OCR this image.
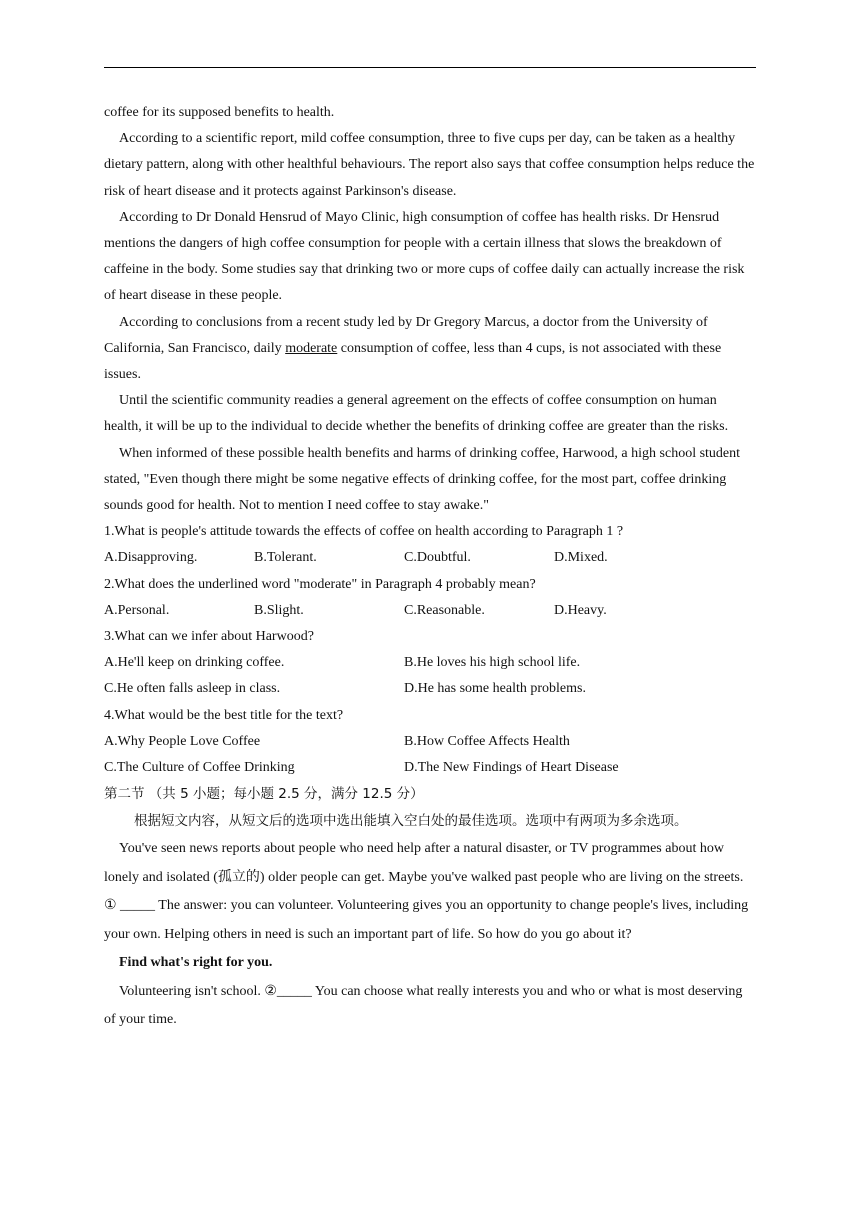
coffee for its supposed benefits to health.

According to a scientific report, mild coffee consumption, three to five cups per day, can be taken as a healthy dietary pattern, along with other healthful behaviours. The report also says that coffee consumption helps reduce the risk of heart disease and it protects against Parkinson's disease.

According to Dr Donald Hensrud of Mayo Clinic, high consumption of coffee has health risks. Dr Hensrud mentions the dangers of high coffee consumption for people with a certain illness that slows the breakdown of caffeine in the body. Some studies say that drinking two or more cups of coffee daily can actually increase the risk of heart disease in these people.

According to conclusions from a recent study led by Dr Gregory Marcus, a doctor from the University of California, San Francisco, daily moderate consumption of coffee, less than 4 cups, is not associated with these issues.

Until the scientific community readies a general agreement on the effects of coffee consumption on human health, it will be up to the individual to decide whether the benefits of drinking coffee are greater than the risks.

When informed of these possible health benefits and harms of drinking coffee, Harwood, a high school student stated, "Even though there might be some negative effects of drinking coffee, for the most part, coffee drinking sounds good for health. Not to mention I need coffee to stay awake."

1.What is people's attitude towards the effects of coffee on health according to Paragraph 1 ?

A.Disapproving.	B.Tolerant.	C.Doubtful.	D.Mixed.

2.What does the underlined word "moderate" in Paragraph 4 probably mean?

A.Personal.	B.Slight.	C.Reasonable.	D.Heavy.

3.What can we infer about Harwood?

A.He'll keep on drinking coffee.	B.He loves his high school life.
C.He often falls asleep in class.	D.He has some health problems.

4.What would be the best title for the text?

A.Why People Love Coffee	B.How Coffee Affects Health
C.The Culture of Coffee Drinking	D.The New Findings of Heart Disease

第二节 （共 5 小题；每小题 2.5 分，满分 12.5 分）

根据短文内容，从短文后的选项中选出能填入空白处的最佳选项。选项中有两项为多余选项。

You've seen news reports about people who need help after a natural disaster, or TV programmes about how lonely and isolated (孤立的) older people can get. Maybe you've walked past people who are living on the streets. ① _____ The answer: you can volunteer. Volunteering gives you an opportunity to change people's lives, including your own. Helping others in need is such an important part of life. So how do you go about it?

Find what's right for you.

Volunteering isn't school. ②_____ You can choose what really interests you and who or what is most deserving of your time.
